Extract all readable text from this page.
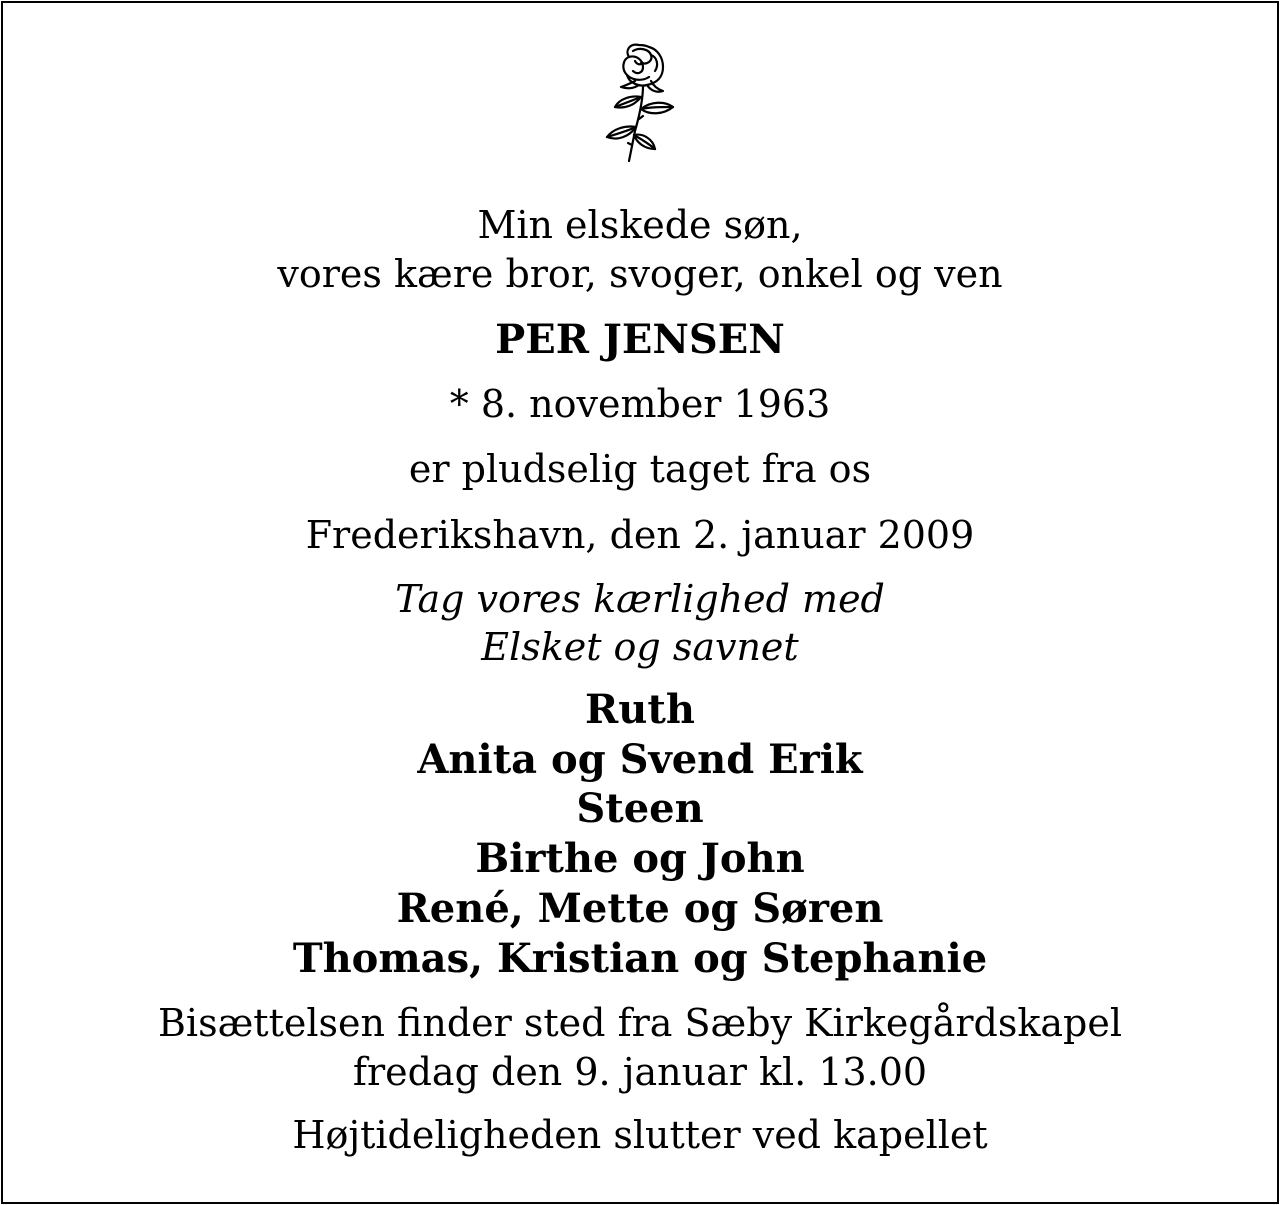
Min elskede søn,
vores kære bror, svoger, onkel og ven
PER JENSEN
* 8. november 1963
er pludselig taget fra os
Frederikshavn, den 2. januar 2009
Tag vores kærlighed med
Elsket og savnet
Ruth
Anita og Svend Erik
Steen
Birthe og John
René, Mette og Søren
Thomas, Kristian og Stephanie
Bisættelsen finder sted fra Sæby Kirkegårdskapel
fredag den 9. januar kl. 13.00
Højtideligheden slutter ved kapellet
